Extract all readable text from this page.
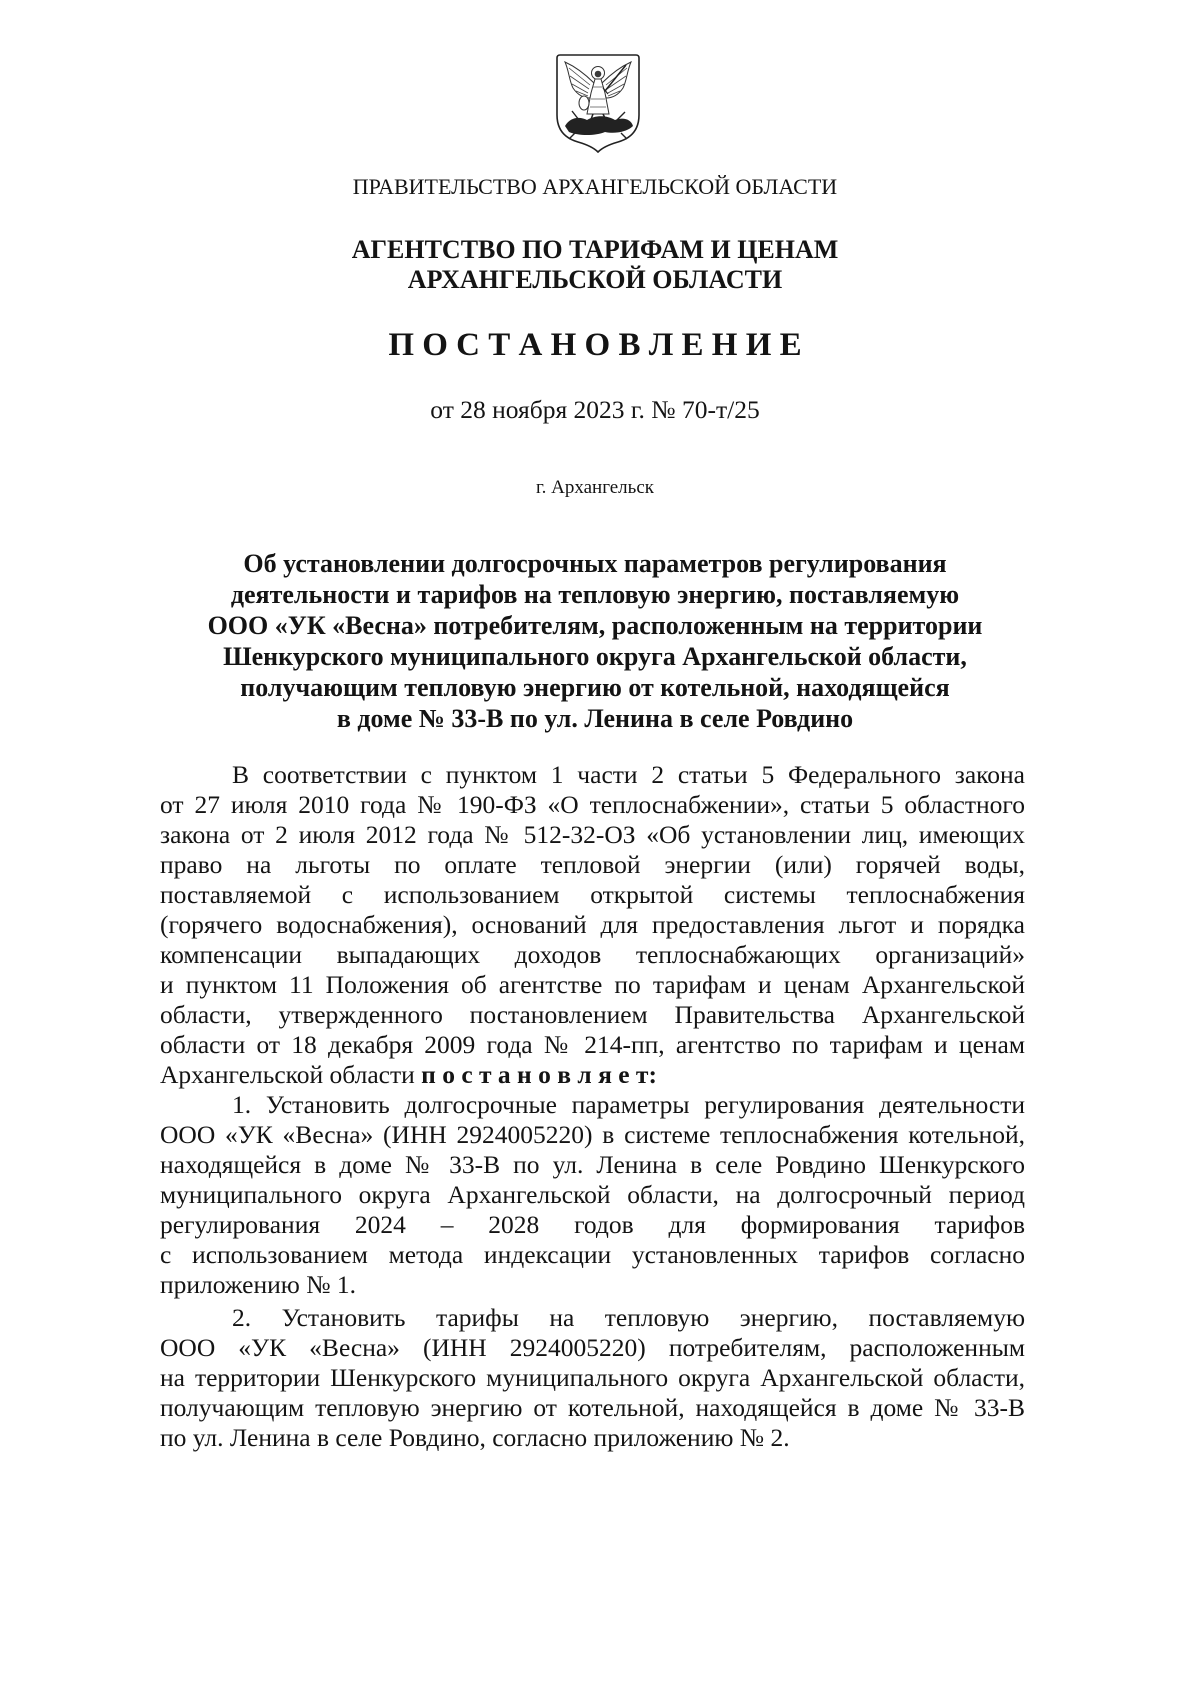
ПРАВИТЕЛЬСТВО АРХАНГЕЛЬСКОЙ ОБЛАСТИ
АГЕНТСТВО ПО ТАРИФАМ И ЦЕНАМ
АРХАНГЕЛЬСКОЙ ОБЛАСТИ
П О С Т А Н О В Л Е Н И Е
от 28 ноября 2023 г. № 70-т/25
г. Архангельск
Об установлении долгосрочных параметров регулирования
деятельности и тарифов на тепловую энергию, поставляемую
ООО «УК «Весна» потребителям, расположенным на территории
Шенкурского муниципального округа Архангельской области,
получающим тепловую энергию от котельной, находящейся
в доме № 33-В по ул. Ленина в селе Ровдино
В соответствии с пунктом 1 части 2 статьи 5 Федерального закона
от 27 июля 2010 года № 190-ФЗ «О теплоснабжении», статьи 5 областного
закона от 2 июля 2012 года № 512-32-ОЗ «Об установлении лиц, имеющих
право на льготы по оплате тепловой энергии (или) горячей воды,
поставляемой с использованием открытой системы теплоснабжения
(горячего водоснабжения), оснований для предоставления льгот и порядка
компенсации выпадающих доходов теплоснабжающих организаций»
и пунктом 11 Положения об агентстве по тарифам и ценам Архангельской
области, утвержденного постановлением Правительства Архангельской
области от 18 декабря 2009 года № 214-пп, агентство по тарифам и ценам
Архангельской области п о с т а н о в л я е т:
1. Установить долгосрочные параметры регулирования деятельности
ООО «УК «Весна» (ИНН 2924005220) в системе теплоснабжения котельной,
находящейся в доме № 33-В по ул. Ленина в селе Ровдино Шенкурского
муниципального округа Архангельской области, на долгосрочный период
регулирования 2024 – 2028 годов для формирования тарифов
с использованием метода индексации установленных тарифов согласно
приложению № 1.
2. Установить тарифы на тепловую энергию, поставляемую
ООО «УК «Весна» (ИНН 2924005220) потребителям, расположенным
на территории Шенкурского муниципального округа Архангельской области,
получающим тепловую энергию от котельной, находящейся в доме № 33-В
по ул. Ленина в селе Ровдино, согласно приложению № 2.
